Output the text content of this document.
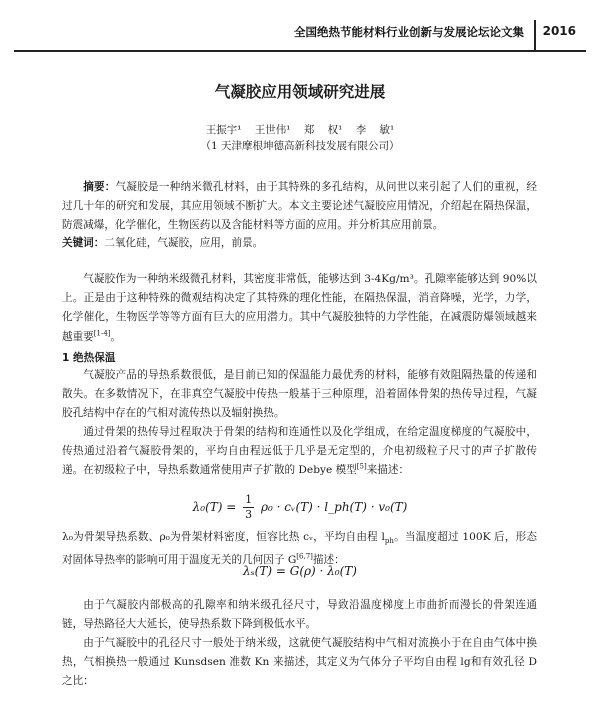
全国绝热节能材料行业创新与发展论坛论文集 2016
气凝胶应用领域研究进展
王振宇¹ 王世伟¹ 郑 权¹ 李 敏¹
（1 天津摩根坤德高新科技发展有限公司）

摘要：气凝胶是一种纳米微孔材料，由于其特殊的多孔结构，从问世以来引起了人们的重视，经过几十年的研究和发展，其应用领域不断扩大。本文主要论述气凝胶应用情况，介绍起在隔热保温，防震减爆，化学催化，生物医药以及含能材料等方面的应用。并分析其应用前景。

关键词：二氧化硅，气凝胶，应用，前景。

气凝胶作为一种纳米级微孔材料，其密度非常低，能够达到 3-4Kg/m³。孔隙率能够达到 90%以上。正是由于这种特殊的微观结构决定了其特殊的理化性能，在隔热保温，消音降噪，光学，力学，化学催化，生物医学等等方面有巨大的应用潜力。其中气凝胶独特的力学性能，在减震防爆领域越来越重要[1-4]。

1 绝热保温

气凝胶产品的导热系数很低，是目前已知的保温能力最优秀的材料，能够有效阻隔热量的传递和散失。在多数情况下，在非真空气凝胶中传热一般基于三种原理，沿着固体骨架的热传导过程，气凝胶孔结构中存在的气相对流传热以及辐射换热。

通过骨架的热传导过程取决于骨架的结构和连通性以及化学组成，在给定温度梯度的气凝胶中，传热通过沿着气凝胶骨架的，平均自由程远低于几乎是无定型的，介电初级粒子尺寸的声子扩散传递。在初级粒子中，导热系数通常使用声子扩散的 Debye 模型[5]来描述：

$\lambda_0(T) = \frac{1}{3} \rho_0$ · cᵥ(T) · l_ph(T) · v₀(T)

λ₀为骨架导热系数、ρ₀为骨架材料密度，恒容比热 cᵥ，平均自由程 $l_{ph}$。当温度超过 100K 后，形态对固体导热率的影响可用于温度无关的几何因子 G[6,7]描述：

λₛ(T) = G(ρ) · λ₀(T)

由于气凝胶内部极高的孔隙率和纳米级孔径尺寸，导致沿温度梯度上市曲折而漫长的骨架连通链，导热路径大大延长，使导热系数下降到极低水平。

由于气凝胶中的孔径尺寸一般处于纳米级，这就使气凝胶结构中气相对流换小于在自由气体中换热，气相换热一般通过 Kunsdsen 准数 Kn 来描述，其定义为气体分子平均自由程 lg和有效孔径 D 之比：
